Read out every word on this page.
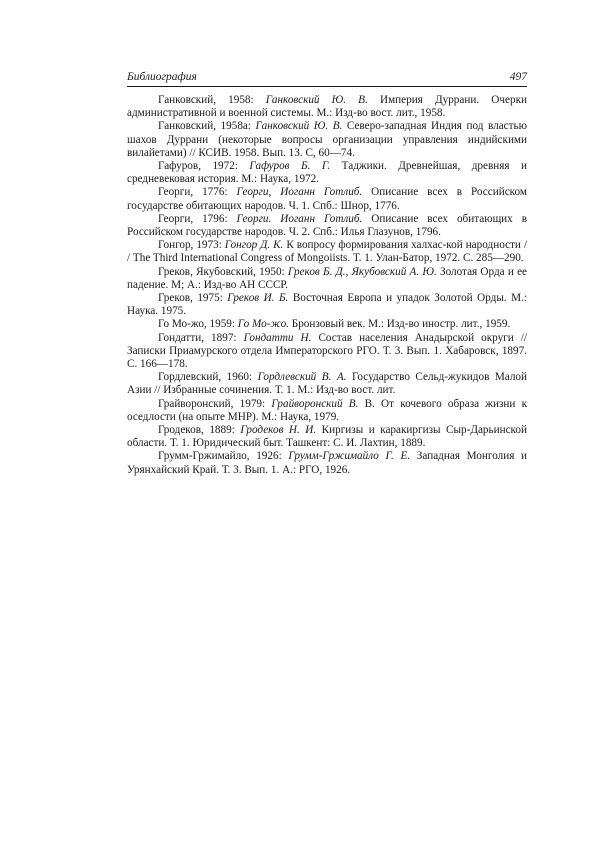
Библиография	497

Ганковский, 1958: Ганковский Ю. В. Империя Дуррани. Очерки административной и военной системы. М.: Изд-во вост. лит., 1958.

Ганковский, 1958a: Ганковский Ю. В. Северо-западная Индия под властью шахов Дуррани (некоторые вопросы организации управления индийскими вилайетами) // КСИВ. 1958. Вып. 13. С, 60—74.

Гафуров, 1972: Гафуров Б. Г. Таджики. Древнейшая, древняя и средневековая история. М.: Наука, 1972.

Георги, 1776: Георги, Иоганн Готлиб. Описание всех в Российском государстве обитающих народов. Ч. 1. Спб.: Шнор, 1776.

Георги, 1796: Георги. Иоганн Готлиб. Описание всех обитающих в Российском государстве народов. Ч. 2. Спб.: Илья Глазунов, 1796.

Гонгор, 1973: Гонгор Д. К. К вопросу формирования халхас-кой народности / / The Third International Congress of Mongoiists. Т. 1. Улан-Батор, 1972. С. 285—290.

Греков, Якубовский, 1950: Греков Б. Д., Якубовский А. Ю. Золотая Орда и ее падение. М; А.: Изд-во АН СССР.

Греков, 1975: Греков И. Б. Восточная Европа и упадок Золотой Орды. М.: Наука. 1975.

Го Мо-жо, 1959: Го Мо-жо. Бронзовый век. М.: Изд-во иностр. лит., 1959.

Гондатти, 1897: Гондатти Н. Состав населения Анадырской округи // Записки Приамурского отдела Императорского РГО. Т. 3. Вып. 1. Хабаровск, 1897. С. 166—178.

Гордлевский, 1960: Гордлевский В. А. Государство Сельд-жукидов Малой Азии // Избранные сочинения. Т. 1. М.: Изд-во вост. лит.

Грайворонский, 1979: Грайворонский В. В. От кочевого образа жизни к оседлости (на опыте МНР). М.: Наука, 1979.

Гродеков, 1889: Гродеков Н. И. Киргизы и каракиргизы Сыр-Дарьинской области. Т. 1. Юридический быт. Ташкент: С. И. Лахтин, 1889.

Грумм-Гржимайло, 1926: Грумм-Гржимайло Г. Е. Западная Монголия и Урянхайский Край. Т. 3. Вып. 1. А.: РГО, 1926.
